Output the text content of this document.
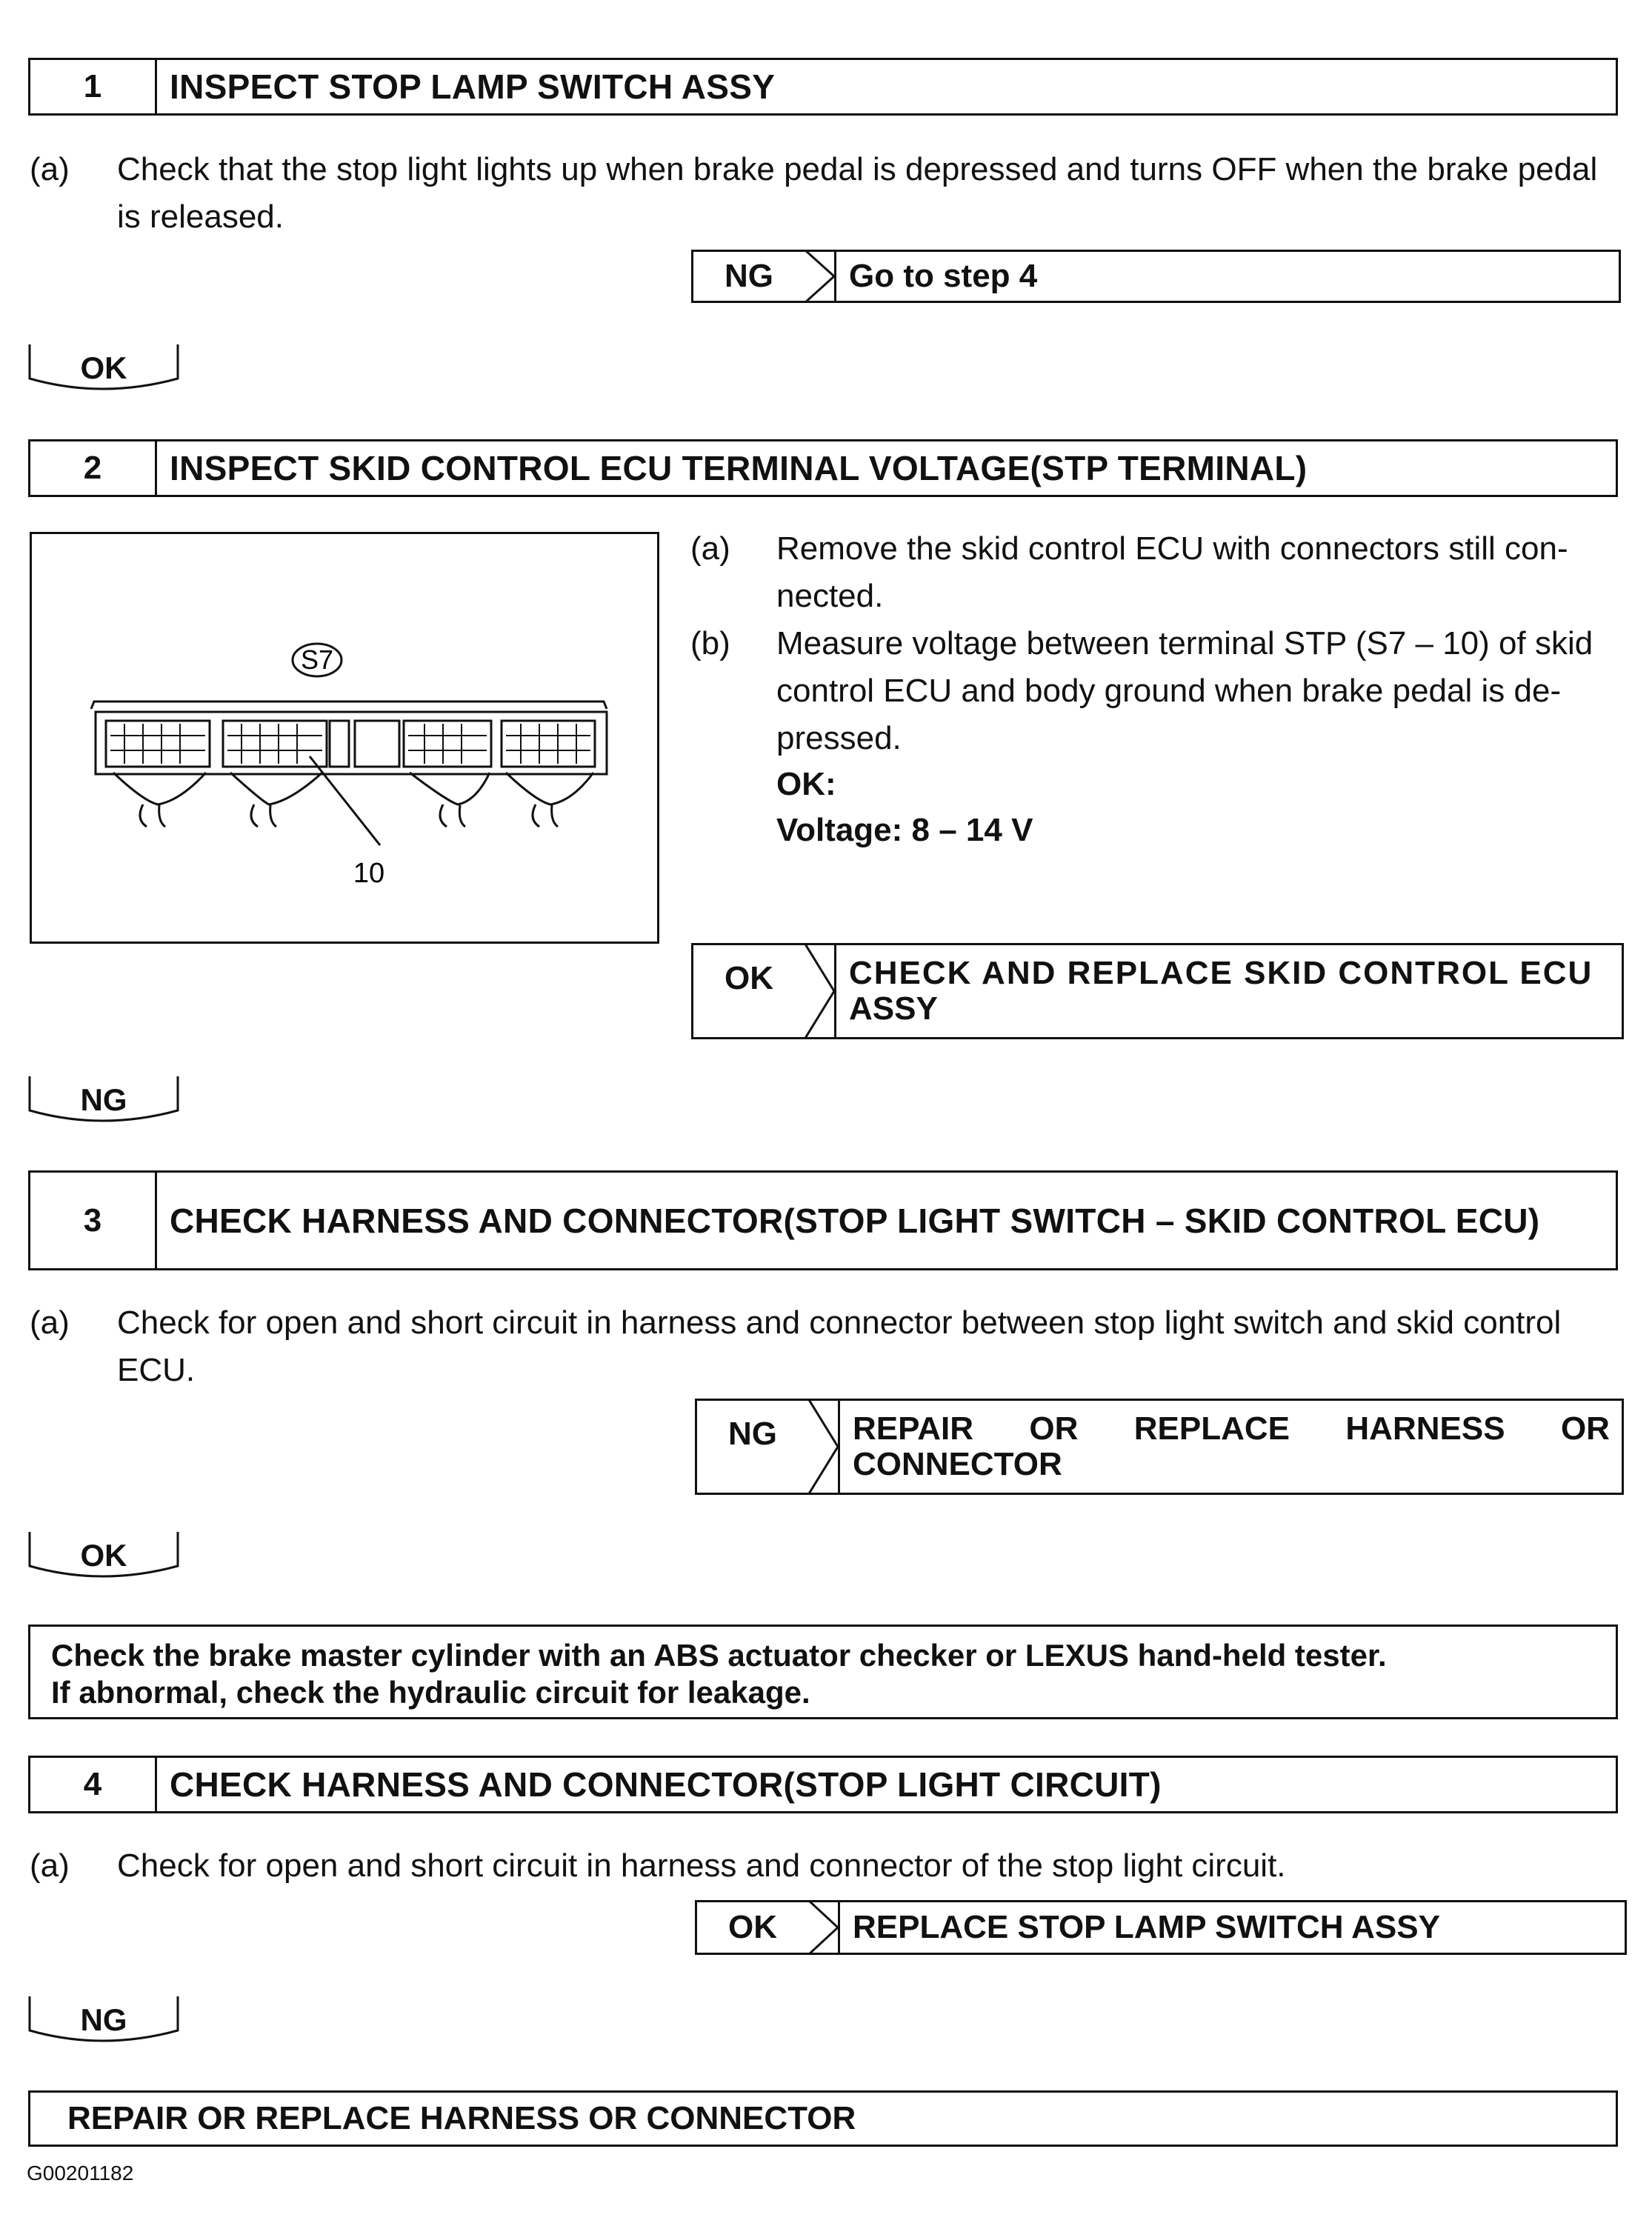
1	INSPECT STOP LAMP SWITCH ASSY
(a) Check that the stop light lights up when brake pedal is depressed and turns OFF when the brake pedal
is released.
NG	Go to step 4
OK
2	INSPECT SKID CONTROL ECU TERMINAL VOLTAGE(STP TERMINAL)
S7
10
(a) Remove the skid control ECU with connectors still con-
nected.
(b) Measure voltage between terminal STP (S7 – 10) of skid
control ECU and body ground when brake pedal is de-
pressed.
OK:
Voltage: 8 – 14 V
OK	CHECK AND REPLACE SKID CONTROL ECU
ASSY
NG
3	CHECK HARNESS AND CONNECTOR(STOP LIGHT SWITCH – SKID CONTROL ECU)
(a) Check for open and short circuit in harness and connector between stop light switch and skid control
ECU.
NG	REPAIR OR REPLACE HARNESS OR
CONNECTOR
OK
Check the brake master cylinder with an ABS actuator checker or LEXUS hand-held tester.
If abnormal, check the hydraulic circuit for leakage.
4	CHECK HARNESS AND CONNECTOR(STOP LIGHT CIRCUIT)
(a) Check for open and short circuit in harness and connector of the stop light circuit.
OK	REPLACE STOP LAMP SWITCH ASSY
NG
REPAIR OR REPLACE HARNESS OR CONNECTOR
G00201182
